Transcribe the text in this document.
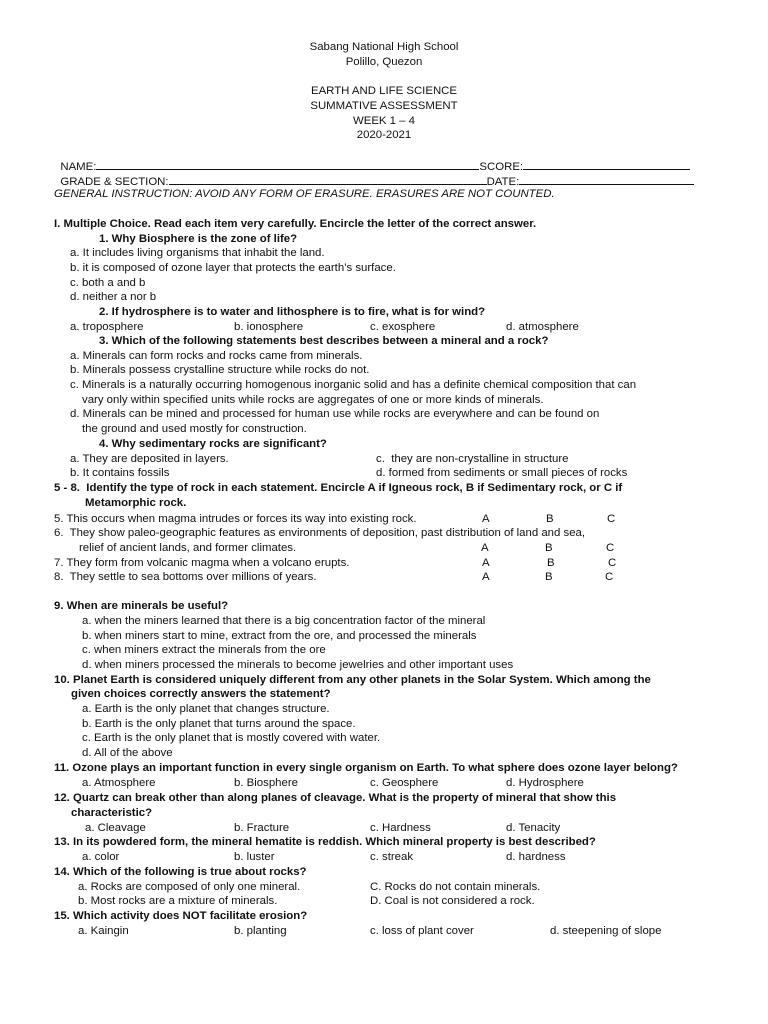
Sabang National High School
Polillo, Quezon
EARTH AND LIFE SCIENCE
SUMMATIVE ASSESSMENT
WEEK 1 – 4
2020-2021

NAME:	SCORE:

GRADE & SECTION:	DATE:

GENERAL INSTRUCTION: AVOID ANY FORM OF ERASURE. ERASURES ARE NOT COUNTED.
I. Multiple Choice. Read each item very carefully. Encircle the letter of the correct answer.
1. Why Biosphere is the zone of life?
a. It includes living organisms that inhabit the land.
b. it is composed of ozone layer that protects the earth’s surface.
c. both a and b
d. neither a nor b
2. If hydrosphere is to water and lithosphere is to fire, what is for wind?
a. troposphere	b. ionosphere	c. exosphere	d. atmosphere
3. Which of the following statements best describes between a mineral and a rock?
a. Minerals can form rocks and rocks came from minerals.
b. Minerals possess crystalline structure while rocks do not.
c. Minerals is a naturally occurring homogenous inorganic solid and has a definite chemical composition that can
vary only within specified units while rocks are aggregates of one or more kinds of minerals.
d. Minerals can be mined and processed for human use while rocks are everywhere and can be found on
the ground and used mostly for construction.
4. Why sedimentary rocks are significant?
a. They are deposited in layers.	c.  they are non-crystalline in structure
b. It contains fossils	d. formed from sediments or small pieces of rocks
5 - 8.  Identify the type of rock in each statement. Encircle A if Igneous rock, B if Sedimentary rock, or C if
Metamorphic rock.
5. This occurs when magma intrudes or forces its way into existing rock.	A	B	C
6.  They show paleo-geographic features as environments of deposition, past distribution of land and sea,
relief of ancient lands, and former climates.	A	B	C
7. They form from volcanic magma when a volcano erupts.	A	B	C
8.  They settle to sea bottoms over millions of years.	A	B	C
9. When are minerals be useful?
a. when the miners learned that there is a big concentration factor of the mineral
b. when miners start to mine, extract from the ore, and processed the minerals
c. when miners extract the minerals from the ore
d. when miners processed the minerals to become jewelries and other important uses
10. Planet Earth is considered uniquely different from any other planets in the Solar System. Which among the
given choices correctly answers the statement?
a. Earth is the only planet that changes structure.
b. Earth is the only planet that turns around the space.
c. Earth is the only planet that is mostly covered with water.
d. All of the above
11. Ozone plays an important function in every single organism on Earth. To what sphere does ozone layer belong?
a. Atmosphere	b. Biosphere	c. Geosphere	d. Hydrosphere
12. Quartz can break other than along planes of cleavage. What is the property of mineral that show this
characteristic?
a. Cleavage	b. Fracture	c. Hardness	d. Tenacity
13. In its powdered form, the mineral hematite is reddish. Which mineral property is best described?
a. color	b. luster	c. streak	d. hardness
14. Which of the following is true about rocks?
a. Rocks are composed of only one mineral.	C. Rocks do not contain minerals.
b. Most rocks are a mixture of minerals.	D. Coal is not considered a rock.
15. Which activity does NOT facilitate erosion?
a. Kaingin	b. planting	c. loss of plant cover	d. steepening of slope
